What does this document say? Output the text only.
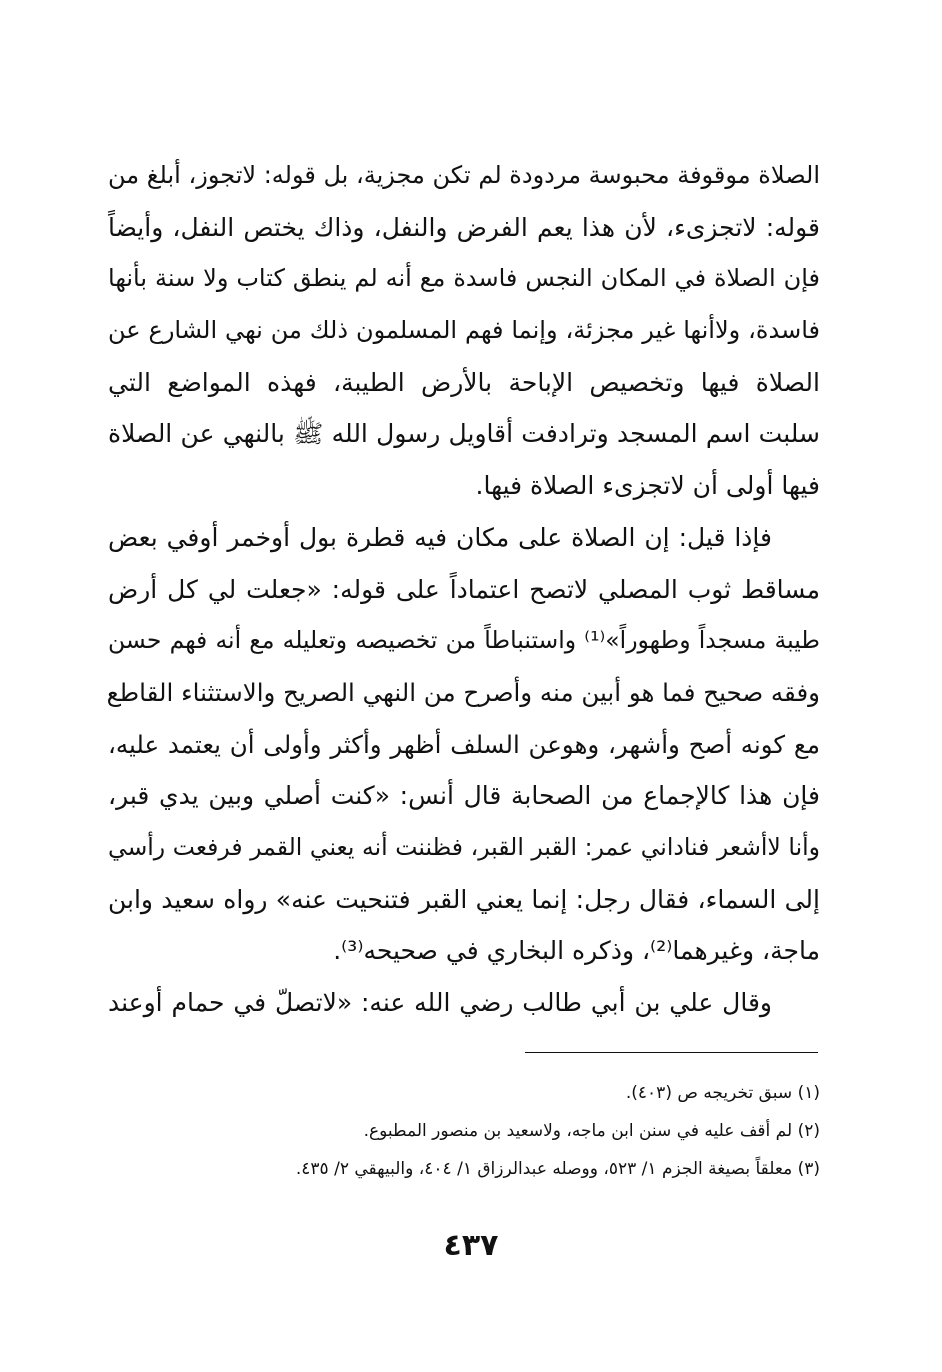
الصلاة موقوفة محبوسة مردودة لم تكن مجزية، بل قوله: لاتجوز، أبلغ من
قوله: لاتجزىء، لأن هذا يعم الفرض والنفل، وذاك يختص النفل، وأيضاً
فإن الصلاة في المكان النجس فاسدة مع أنه لم ينطق كتاب ولا سنة بأنها
فاسدة، ولاأنها غير مجزئة، وإنما فهم المسلمون ذلك من نهي الشارع عن
الصلاة فيها وتخصيص الإباحة بالأرض الطيبة، فهذه المواضع التي
سلبت اسم المسجد وترادفت أقاويل رسول الله ﷺ بالنهي عن الصلاة
فيها أولى أن لاتجزىء الصلاة فيها.
فإذا قيل: إن الصلاة على مكان فيه قطرة بول أوخمر أوفي بعض
مساقط ثوب المصلي لاتصح اعتماداً على قوله: «جعلت لي كل أرض
طيبة مسجداً وطهوراً»⁽¹⁾ واستنباطاً من تخصيصه وتعليله مع أنه فهم حسن
وفقه صحيح فما هو أبين منه وأصرح من النهي الصريح والاستثناء القاطع
مع كونه أصح وأشهر، وهوعن السلف أظهر وأكثر وأولى أن يعتمد عليه،
فإن هذا كالإجماع من الصحابة قال أنس: «كنت أصلي وبين يدي قبر،
وأنا لاأشعر فناداني عمر: القبر القبر، فظننت أنه يعني القمر فرفعت رأسي
إلى السماء، فقال رجل: إنما يعني القبر فتنحيت عنه» رواه سعيد وابن
ماجة، وغيرهما⁽²⁾، وذكره البخاري في صحيحه⁽³⁾.
وقال علي بن أبي طالب رضي الله عنه: «لاتصلّ في حمام أوعند
(١) سبق تخريجه ص (٤٠٣).
(٢) لم أقف عليه في سنن ابن ماجه، ولاسعيد بن منصور المطبوع.
(٣) معلقاً بصيغة الجزم ١/ ٥٢٣، ووصله عبدالرزاق ١/ ٤٠٤، والبيهقي ٢/ ٤٣٥.
٤٣٧
